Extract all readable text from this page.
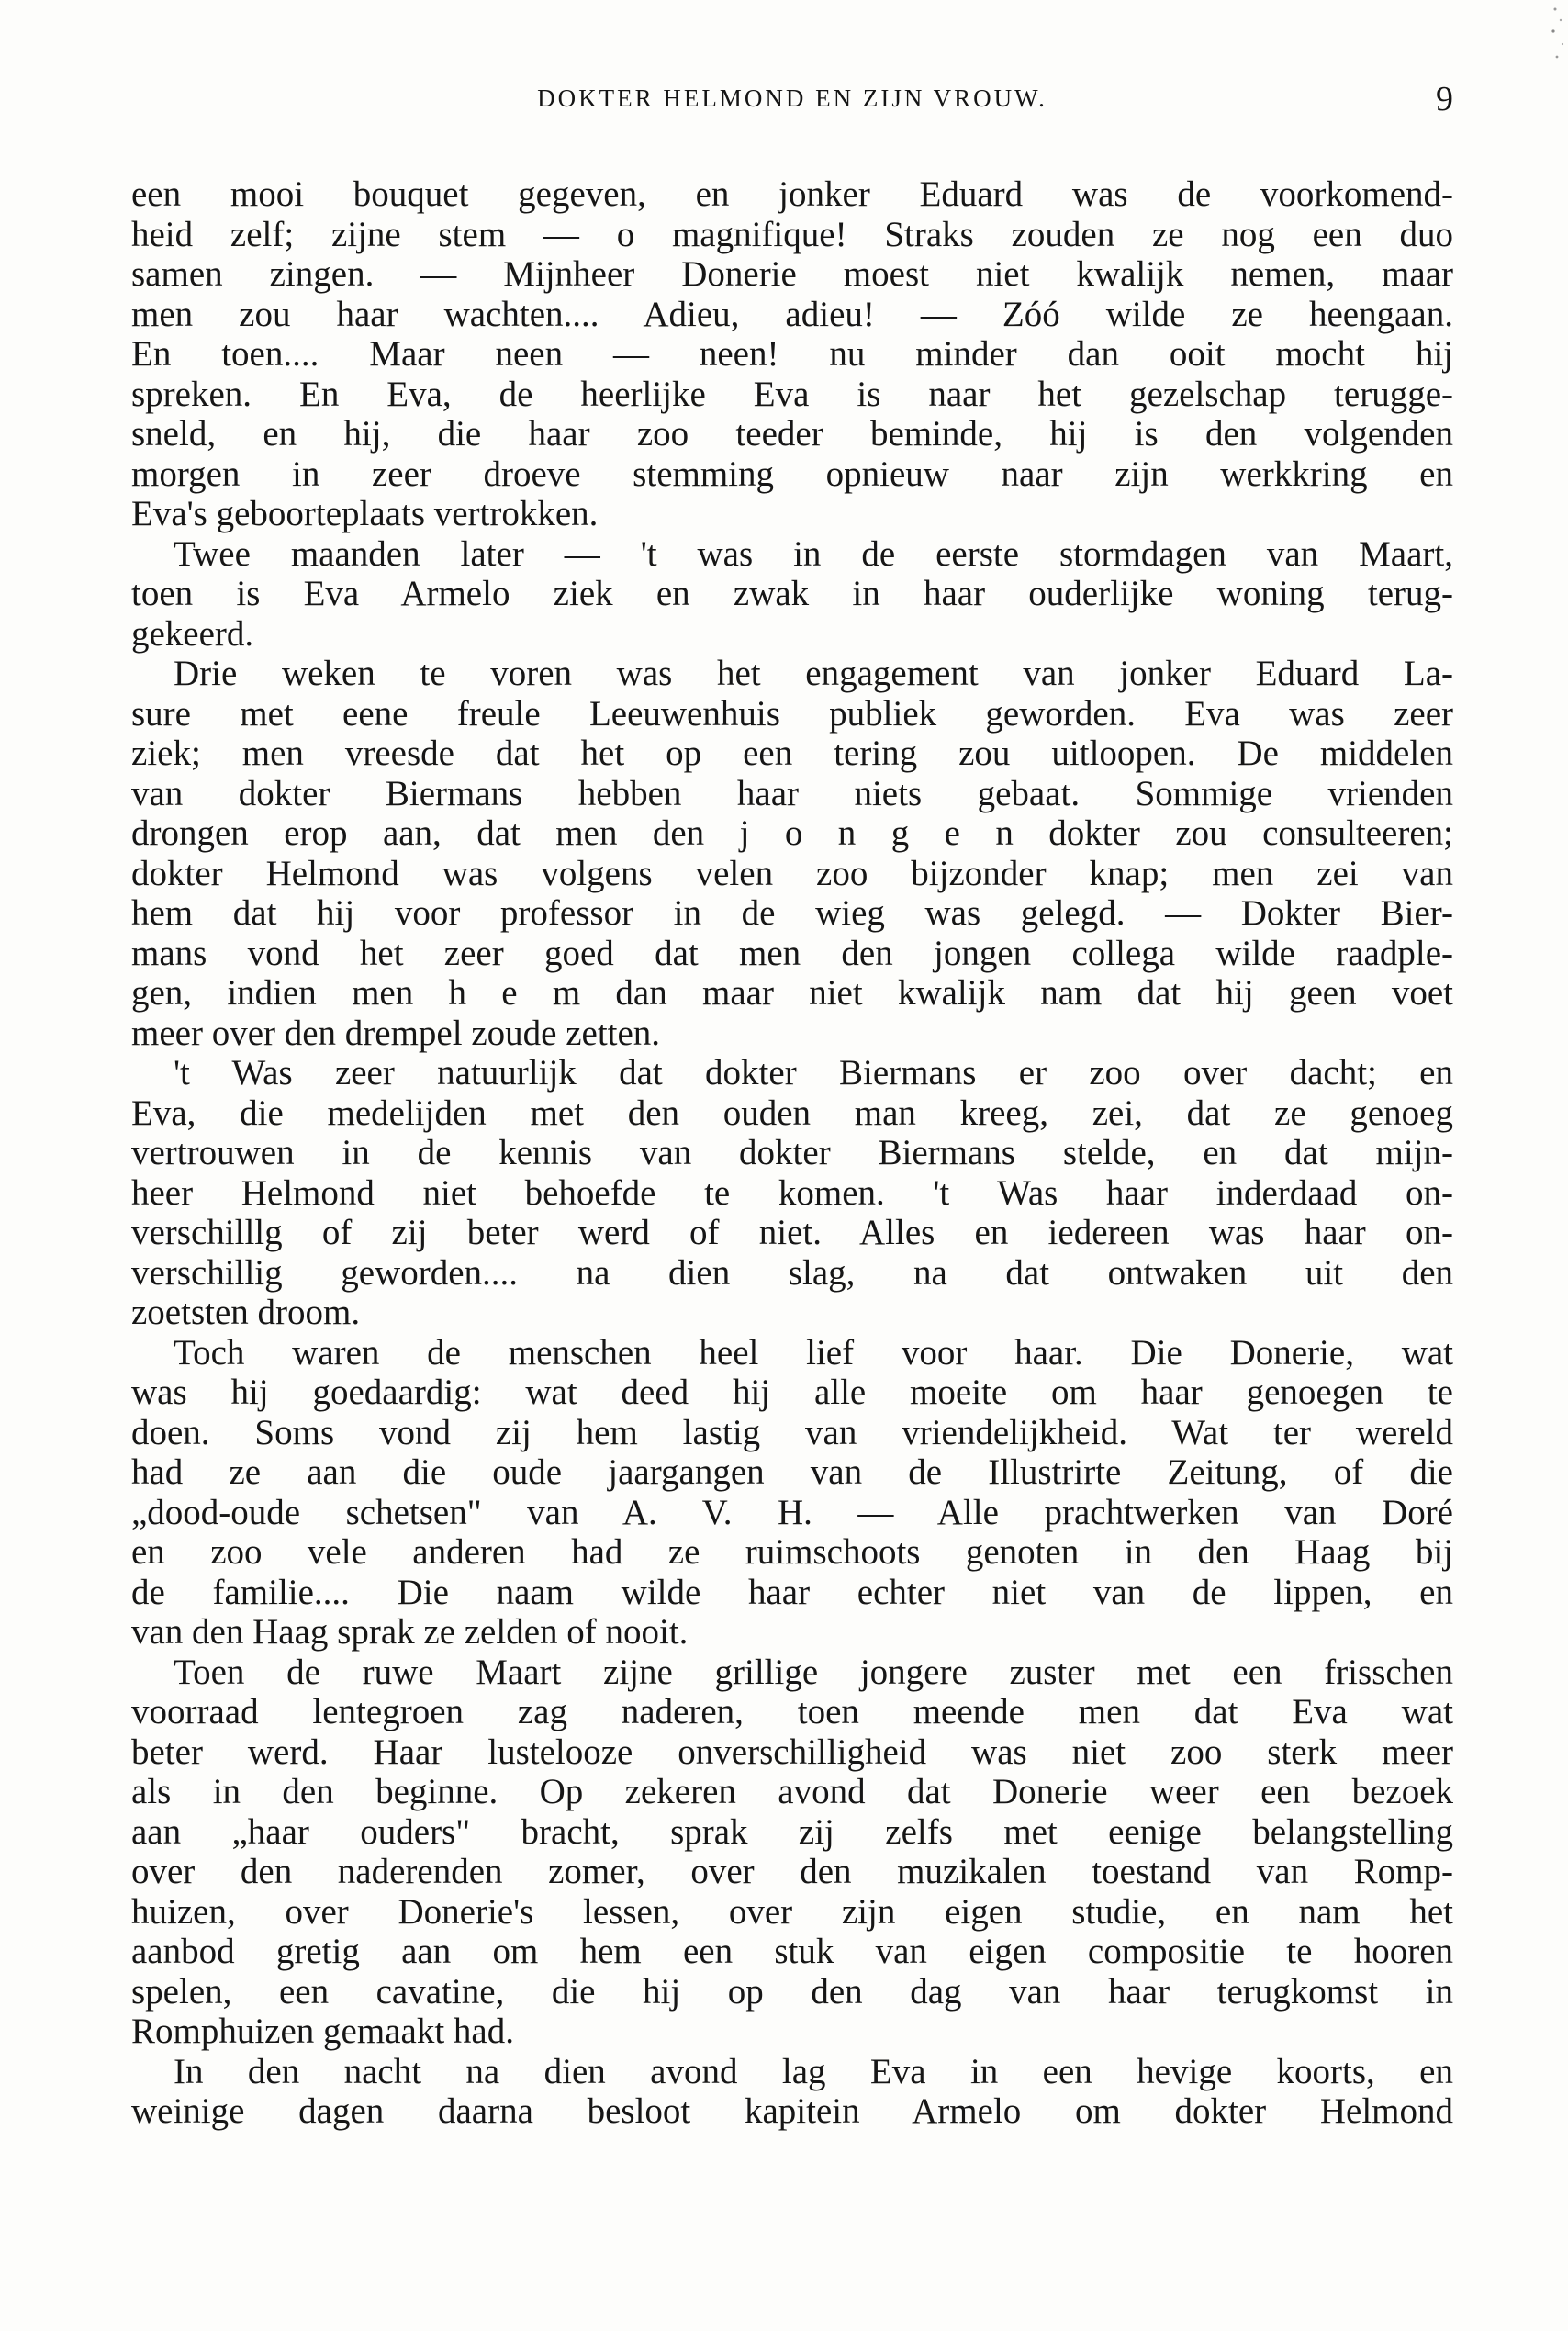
DOKTER HELMOND EN ZIJN VROUW.	9
een mooi bouquet gegeven, en jonker Eduard was de voorkomend-
heid zelf; zijne stem — o magnifique! Straks zouden ze nog een duo
samen zingen. — Mijnheer Donerie moest niet kwalijk nemen, maar
men zou haar wachten.... Adieu, adieu! — Zóó wilde ze heengaan.
En toen.... Maar neen — neen! nu minder dan ooit mocht hij
spreken. En Eva, de heerlijke Eva is naar het gezelschap terugge-
sneld, en hij, die haar zoo teeder beminde, hij is den volgenden
morgen in zeer droeve stemming opnieuw naar zijn werkkring en
Eva's geboorteplaats vertrokken.
Twee maanden later — 't was in de eerste stormdagen van Maart,
toen is Eva Armelo ziek en zwak in haar ouderlijke woning terug-
gekeerd.
Drie weken te voren was het engagement van jonker Eduard La-
sure met eene freule Leeuwenhuis publiek geworden. Eva was zeer
ziek; men vreesde dat het op een tering zou uitloopen. De middelen
van dokter Biermans hebben haar niets gebaat. Sommige vrienden
drongen erop aan, dat men den j o n g e n dokter zou consulteeren;
dokter Helmond was volgens velen zoo bijzonder knap; men zei van
hem dat hij voor professor in de wieg was gelegd. — Dokter Bier-
mans vond het zeer goed dat men den jongen collega wilde raadple-
gen, indien men h e m dan maar niet kwalijk nam dat hij geen voet
meer over den drempel zoude zetten.
't Was zeer natuurlijk dat dokter Biermans er zoo over dacht; en
Eva, die medelijden met den ouden man kreeg, zei, dat ze genoeg
vertrouwen in de kennis van dokter Biermans stelde, en dat mijn-
heer Helmond niet behoefde te komen. 't Was haar inderdaad on-
verschilllg of zij beter werd of niet. Alles en iedereen was haar on-
verschillig geworden.... na dien slag, na dat ontwaken uit den
zoetsten droom.
Toch waren de menschen heel lief voor haar. Die Donerie, wat
was hij goedaardig: wat deed hij alle moeite om haar genoegen te
doen. Soms vond zij hem lastig van vriendelijkheid. Wat ter wereld
had ze aan die oude jaargangen van de Illustrirte Zeitung, of die
„dood-oude schetsen" van A. V. H. — Alle prachtwerken van Doré
en zoo vele anderen had ze ruimschoots genoten in den Haag bij
de familie.... Die naam wilde haar echter niet van de lippen, en
van den Haag sprak ze zelden of nooit.
Toen de ruwe Maart zijne grillige jongere zuster met een frisschen
voorraad lentegroen zag naderen, toen meende men dat Eva wat
beter werd. Haar lustelooze onverschilligheid was niet zoo sterk meer
als in den beginne. Op zekeren avond dat Donerie weer een bezoek
aan „haar ouders" bracht, sprak zij zelfs met eenige belangstelling
over den naderenden zomer, over den muzikalen toestand van Romp-
huizen, over Donerie's lessen, over zijn eigen studie, en nam het
aanbod gretig aan om hem een stuk van eigen compositie te hooren
spelen, een cavatine, die hij op den dag van haar terugkomst in
Romphuizen gemaakt had.
In den nacht na dien avond lag Eva in een hevige koorts, en
weinige dagen daarna besloot kapitein Armelo om dokter Helmond
